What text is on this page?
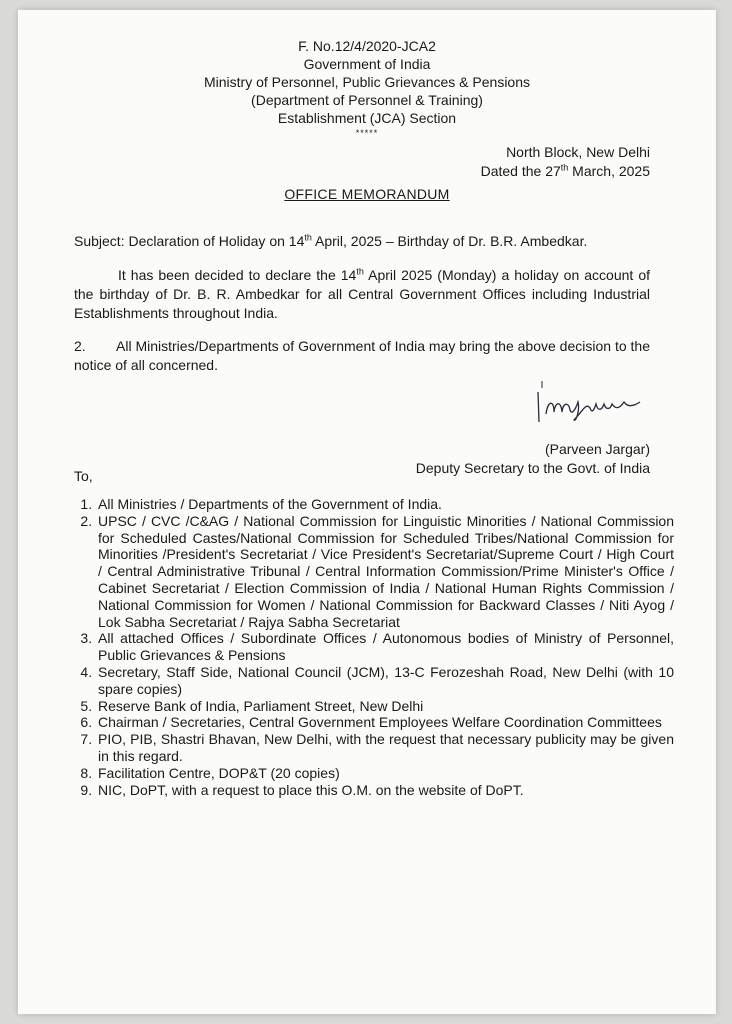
F. No.12/4/2020-JCA2
Government of India
Ministry of Personnel, Public Grievances & Pensions
(Department of Personnel & Training)
Establishment (JCA) Section
*****
North Block, New Delhi
Dated the 27th March, 2025
OFFICE MEMORANDUM
Subject: Declaration of Holiday on 14th April, 2025 – Birthday of Dr. B.R. Ambedkar.
It has been decided to declare the 14th April 2025 (Monday) a holiday on account of the birthday of Dr. B. R. Ambedkar for all Central Government Offices including Industrial Establishments throughout India.
2. All Ministries/Departments of Government of India may bring the above decision to the notice of all concerned.
(Parveen Jargar)
Deputy Secretary to the Govt. of India
To,
1. All Ministries / Departments of the Government of India.
2. UPSC / CVC /C&AG / National Commission for Linguistic Minorities / National Commission for Scheduled Castes/National Commission for Scheduled Tribes/National Commission for Minorities /President's Secretariat / Vice President's Secretariat/Supreme Court / High Court / Central Administrative Tribunal / Central Information Commission/Prime Minister's Office / Cabinet Secretariat / Election Commission of India / National Human Rights Commission / National Commission for Women / National Commission for Backward Classes / Niti Ayog / Lok Sabha Secretariat / Rajya Sabha Secretariat
3. All attached Offices / Subordinate Offices / Autonomous bodies of Ministry of Personnel, Public Grievances & Pensions
4. Secretary, Staff Side, National Council (JCM), 13-C Ferozeshah Road, New Delhi (with 10 spare copies)
5. Reserve Bank of India, Parliament Street, New Delhi
6. Chairman / Secretaries, Central Government Employees Welfare Coordination Committees
7. PIO, PIB, Shastri Bhavan, New Delhi, with the request that necessary publicity may be given in this regard.
8. Facilitation Centre, DOP&T (20 copies)
9. NIC, DoPT, with a request to place this O.M. on the website of DoPT.
